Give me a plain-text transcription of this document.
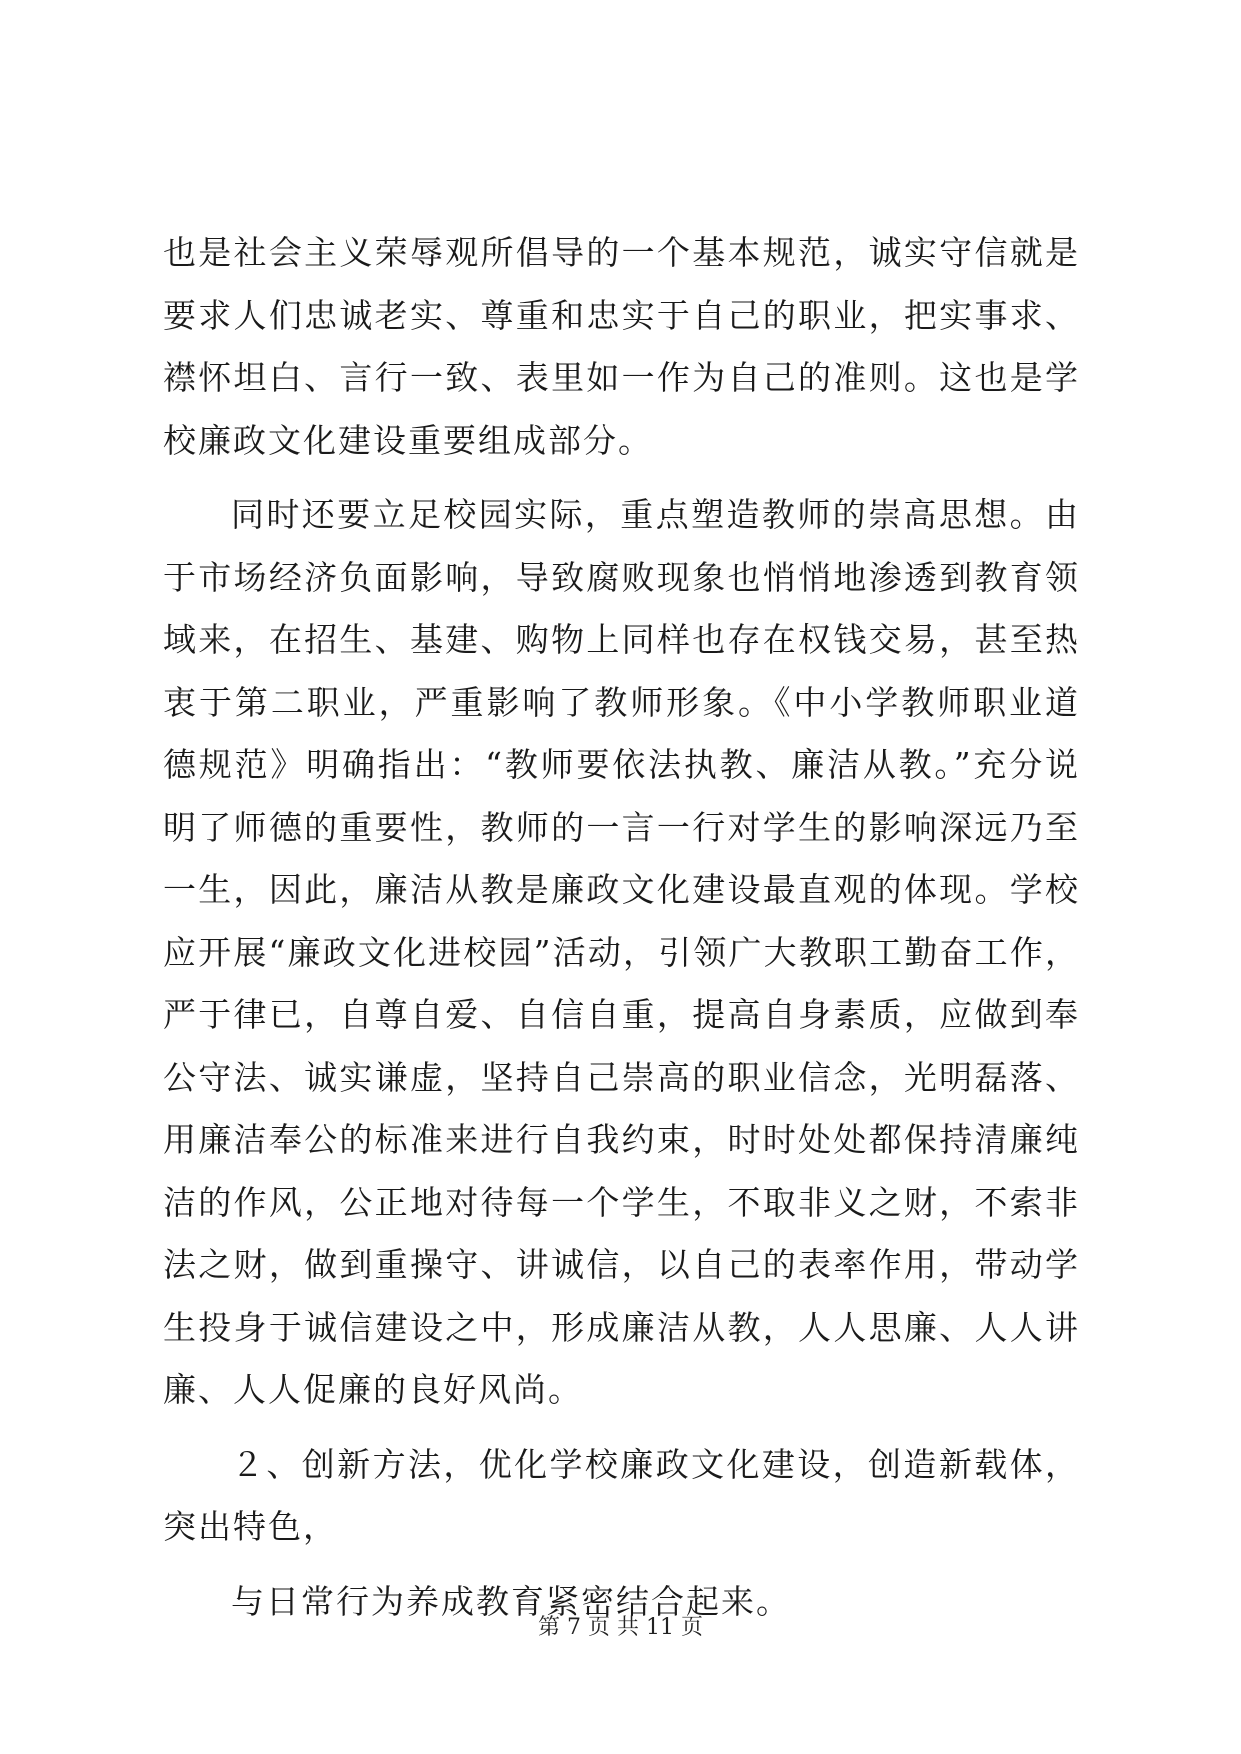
也是社会主义荣辱观所倡导的一个基本规范，诚实守信就是要求人们忠诚老实、尊重和忠实于自己的职业，把实事求、襟怀坦白、言行一致、表里如一作为自己的准则。这也是学校廉政文化建设重要组成部分。

同时还要立足校园实际，重点塑造教师的崇高思想。由于市场经济负面影响，导致腐败现象也悄悄地渗透到教育领域来，在招生、基建、购物上同样也存在权钱交易，甚至热衷于第二职业，严重影响了教师形象。《中小学教师职业道德规范》明确指出：“教师要依法执教、廉洁从教。”充分说明了师德的重要性，教师的一言一行对学生的影响深远乃至一生，因此，廉洁从教是廉政文化建设最直观的体现。学校应开展“廉政文化进校园”活动，引领广大教职工勤奋工作，严于律已，自尊自爱、自信自重，提高自身素质，应做到奉公守法、诚实谦虚，坚持自己崇高的职业信念，光明磊落、用廉洁奉公的标准来进行自我约束，时时处处都保持清廉纯洁的作风，公正地对待每一个学生，不取非义之财，不索非法之财，做到重操守、讲诚信，以自己的表率作用，带动学生投身于诚信建设之中，形成廉洁从教，人人思廉、人人讲廉、人人促廉的良好风尚。

２、创新方法，优化学校廉政文化建设，创造新载体，突出特色，

与日常行为养成教育紧密结合起来。

第 7 页 共 11 页
